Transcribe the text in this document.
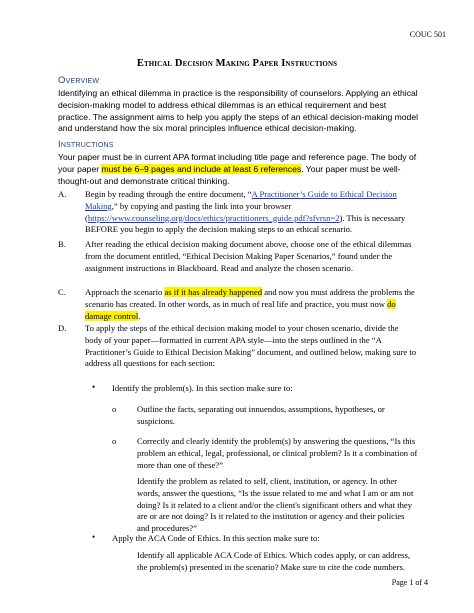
COUC 501
Ethical Decision Making Paper Instructions
Overview
Identifying an ethical dilemma in practice is the responsibility of counselors. Applying an ethical decision-making model to address ethical dilemmas is an ethical requirement and best practice. The assignment aims to help you apply the steps of an ethical decision-making model and understand how the six moral principles influence ethical decision-making.
Instructions
Your paper must be in current APA format including title page and reference page. The body of your paper must be 6–9 pages and include at least 6 references. Your paper must be well-thought-out and demonstrate critical thinking.
A. Begin by reading through the entire document, “A Practitioner’s Guide to Ethical Decision Making,” by copying and pasting the link into your browser (https://www.counseling.org/docs/ethics/practitioners_guide.pdf?sfvrsn=2). This is necessary BEFORE you begin to apply the decision making steps to an ethical scenario.
B. After reading the ethical decision making document above, choose one of the ethical dilemmas from the document entitled, “Ethical Decision Making Paper Scenarios,” found under the assignment instructions in Blackboard. Read and analyze the chosen scenario.
C. Approach the scenario as if it has already happened and now you must address the problems the scenario has created. In other words, as in much of real life and practice, you must now do damage control.
D. To apply the steps of the ethical decision making model to your chosen scenario, divide the body of your paper—formatted in current APA style—into the steps outlined in the “A Practitioner’s Guide to Ethical Decision Making” document, and outlined below, making sure to address all questions for each section:
• Identify the problem(s). In this section make sure to:
o Outline the facts, separating out innuendos, assumptions, hypotheses, or suspicions.
o Correctly and clearly identify the problem(s) by answering the questions, “Is this problem an ethical, legal, professional, or clinical problem? Is it a combination of more than one of these?”
Identify the problem as related to self, client, institution, or agency. In other words, answer the questions, “Is the issue related to me and what I am or am not doing? Is it related to a client and/or the client's significant others and what they are or are not doing? Is it related to the institution or agency and their policies and procedures?”
• Apply the ACA Code of Ethics. In this section make sure to:
Identify all applicable ACA Code of Ethics. Which codes apply, or can address, the problem(s) presented in the scenario? Make sure to cite the code numbers.
Page 1 of 4
